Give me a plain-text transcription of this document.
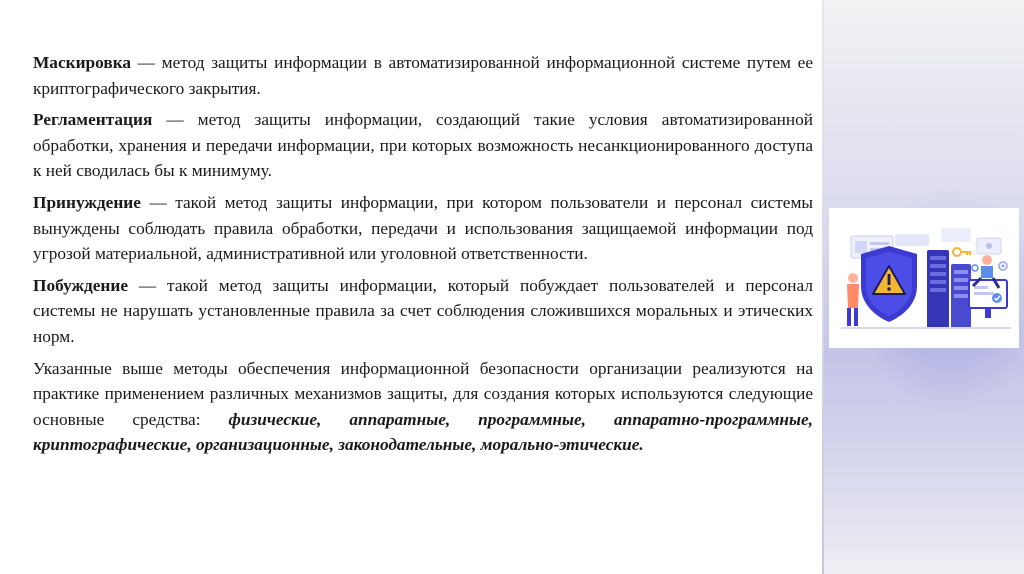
Маскировка — метод защиты информации в автоматизированной информационной системе путем ее криптографического закрытия.

Регламентация — метод защиты информации, создающий такие условия автоматизированной обработки, хранения и передачи информации, при которых возможность несанкционированного доступа к ней сводилась бы к минимуму.

Принуждение — такой метод защиты информации, при котором пользователи и персонал системы вынуждены соблюдать правила обработки, передачи и использования защищаемой информации под угрозой материальной, административной или уголовной ответственности.

Побуждение — такой метод защиты информации, который побуждает пользователей и персонал системы не нарушать установленные правила за счет соблюдения сложившихся моральных и этических норм.

Указанные выше методы обеспечения информационной безопасности организации реализуются на практике применением различных механизмов защиты, для создания которых используются следующие основные средства: физические, аппаратные, программные, аппаратно-программные, криптографические, организационные, законодательные, морально-этические.
